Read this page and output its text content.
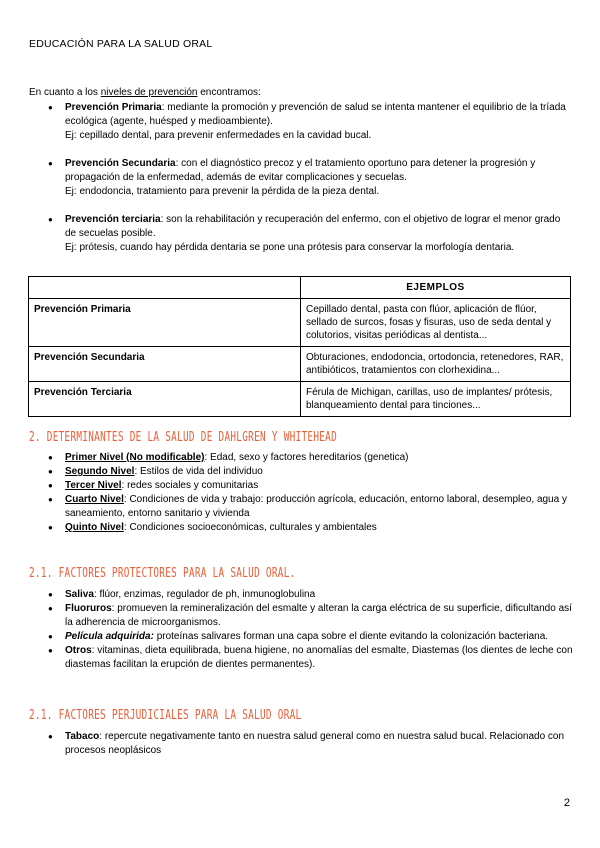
EDUCACIÓN PARA LA SALUD ORAL
En cuanto a los niveles de prevención encontramos:
● Prevención Primaria: mediante la promoción y prevención de salud se intenta mantener el equilibrio de la tríada ecológica (agente, huésped y medioambiente).
Ej: cepillado dental, para prevenir enfermedades en la cavidad bucal.
● Prevención Secundaria: con el diagnóstico precoz y el tratamiento oportuno para detener la progresión y propagación de la enfermedad, además de evitar complicaciones y secuelas.
Ej: endodoncia, tratamiento para prevenir la pérdida de la pieza dental.
● Prevención terciaria: son la rehabilitación y recuperación del enfermo, con el objetivo de lograr el menor grado de secuelas posible.
Ej: prótesis, cuando hay pérdida dentaria se pone una prótesis para conservar la morfología dentaria.
	EJEMPLOS
Prevención Primaria	Cepillado dental, pasta con flúor, aplicación de flúor, sellado de surcos, fosas y fisuras, uso de seda dental y colutorios, visitas periódicas al dentista...
Prevención Secundaria	Obturaciones, endodoncia, ortodoncia, retenedores, RAR, antibióticos, tratamientos con clorhexidina...
Prevención Terciaria	Férula de Michigan, carillas, uso de implantes/ prótesis, blanqueamiento dental para tinciones...
2. DETERMINANTES DE LA SALUD DE DAHLGREN Y WHITEHEAD
● Primer Nivel (No modificable): Edad, sexo y factores hereditarios (genetica)
● Segundo Nivel: Estilos de vida del individuo
● Tercer Nivel: redes sociales y comunitarias
● Cuarto Nivel: Condiciones de vida y trabajo: producción agrícola, educación, entorno laboral, desempleo, agua y saneamiento, entorno sanitario y vivienda
● Quinto Nivel: Condiciones socioeconómicas, culturales y ambientales
2.1. FACTORES PROTECTORES PARA LA SALUD ORAL.
● Saliva: flúor, enzimas, regulador de ph, inmunoglobulina
● Fluoruros: promueven la remineralización del esmalte y alteran la carga eléctrica de su superficie, dificultando así la adherencia de microorganismos.
● Película adquirida: proteínas salivares forman una capa sobre el diente evitando la colonización bacteriana.
● Otros: vitaminas, dieta equilibrada, buena higiene, no anomalías del esmalte, Diastemas (los dientes de leche con diastemas facilitan la erupción de dientes permanentes).
2.1. FACTORES PERJUDICIALES PARA LA SALUD ORAL
● Tabaco: repercute negativamente tanto en nuestra salud general como en nuestra salud bucal. Relacionado con procesos neoplásicos
2
